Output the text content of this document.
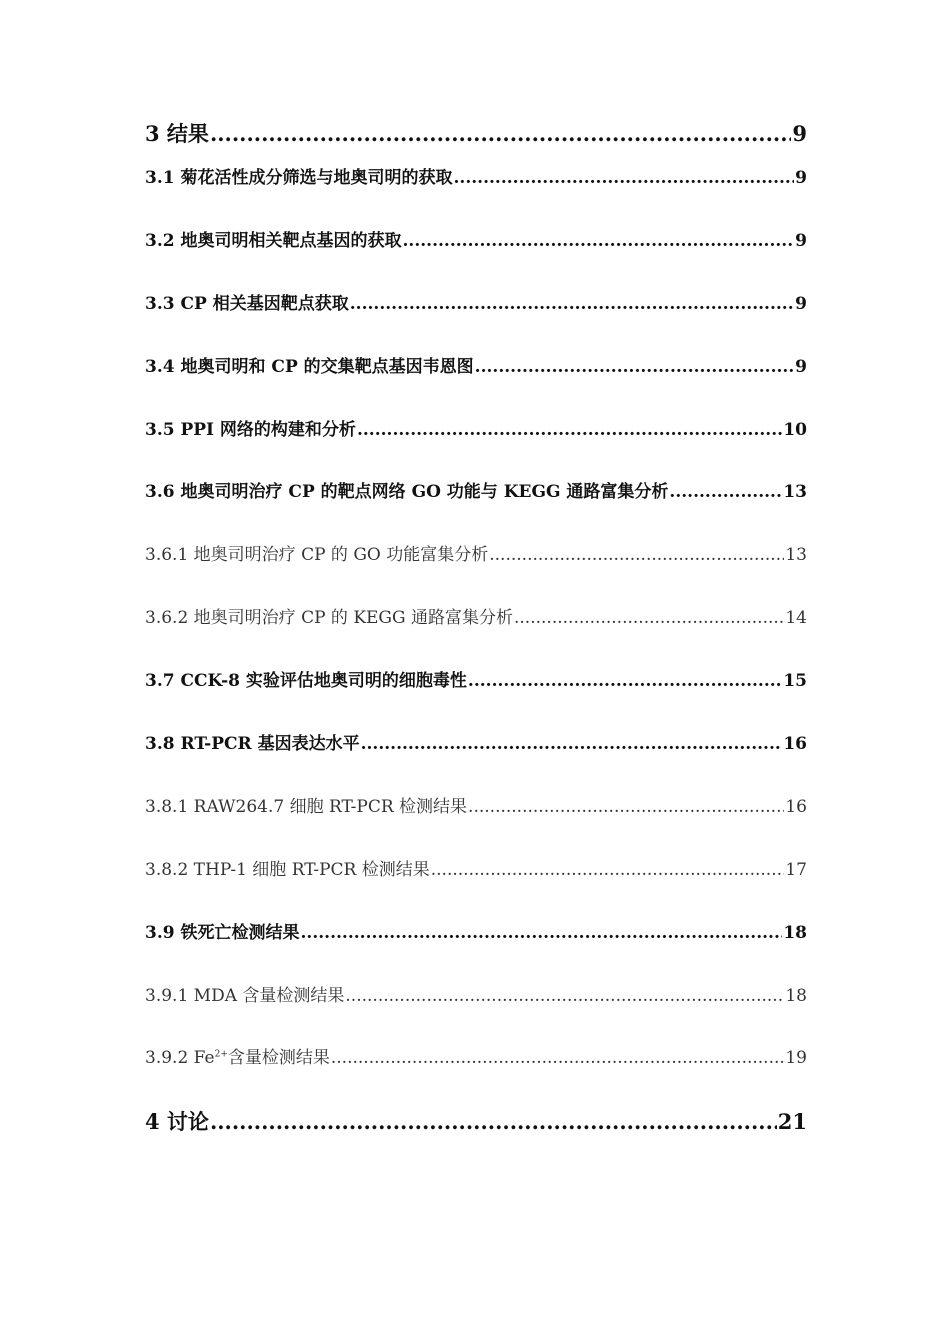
3 结果 .....	9
3.1 菊花活性成分筛选与地奥司明的获取 .....	9
3.2 地奥司明相关靶点基因的获取 .....	9
3.3 CP 相关基因靶点获取 .....	9
3.4 地奥司明和 CP 的交集靶点基因韦恩图 .....	9
3.5 PPI 网络的构建和分析 .....	10
3.6 地奥司明治疗 CP 的靶点网络 GO 功能与 KEGG 通路富集分析 .....	13
3.6.1 地奥司明治疗 CP 的 GO 功能富集分析 .....	13
3.6.2 地奥司明治疗 CP 的 KEGG 通路富集分析 .....	14
3.7 CCK-8 实验评估地奥司明的细胞毒性 .....	15
3.8 RT-PCR 基因表达水平 .....	16
3.8.1 RAW264.7 细胞 RT-PCR 检测结果 .....	16
3.8.2 THP-1 细胞 RT-PCR 检测结果 .....	17
3.9 铁死亡检测结果 .....	18
3.9.1 MDA 含量检测结果 .....	18
3.9.2 $Fe^{2+}$含量检测结果 .....	19
4 讨论 .....	21
